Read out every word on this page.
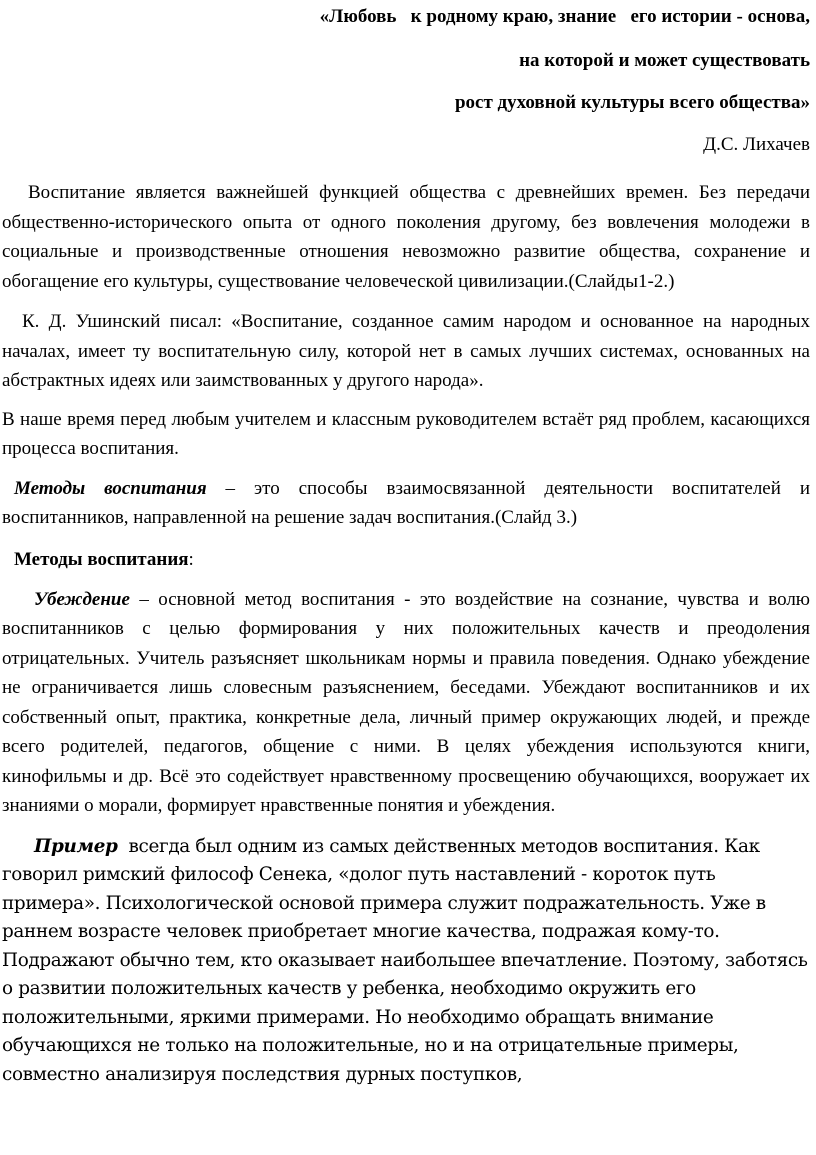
«Любовь   к родному краю, знание   его истории - основа,
на которой и может существовать
рост духовной культуры всего общества»
Д.С. Лихачев

Воспитание является важнейшей функцией общества с древнейших времен. Без передачи общественно-исторического опыта от одного поколения другому, без вовлечения молодежи в социальные и производственные отношения невозможно развитие общества, сохранение и обогащение его культуры, существование человеческой цивилизации.(Слайды1-2.)

К. Д. Ушинский писал: «Воспитание, созданное самим народом и основанное на народных началах, имеет ту воспитательную силу, которой нет в самых лучших системах, основанных на абстрактных идеях или заимствованных у другого народа».

В наше время перед любым учителем и классным руководителем встаёт ряд проблем, касающихся процесса воспитания.

Методы воспитания – это способы взаимосвязанной деятельности воспитателей и воспитанников, направленной на решение задач воспитания.(Слайд 3.)

Методы воспитания:

Убеждение – основной метод воспитания - это воздействие на сознание, чувства и волю воспитанников с целью формирования у них положительных качеств и преодоления отрицательных. Учитель разъясняет школьникам нормы и правила поведения. Однако убеждение не ограничивается лишь словесным разъяснением, беседами. Убеждают воспитанников и их собственный опыт, практика, конкретные дела, личный пример окружающих людей, и прежде всего родителей, педагогов, общение с ними. В целях убеждения используются книги, кинофильмы и др. Всё это содействует нравственному просвещению обучающихся, вооружает их знаниями о морали, формирует нравственные понятия и убеждения.

Пример  всегда был одним из самых действенных методов воспитания. Как говорил римский философ Сенека, «долог путь наставлений - короток путь примера». Психологической основой примера служит подражательность. Уже в раннем возрасте человек приобретает многие качества, подражая кому-то. Подражают обычно тем, кто оказывает наибольшее впечатление. Поэтому, заботясь о развитии положительных качеств у ребенка, необходимо окружить его положительными, яркими примерами. Но необходимо обращать внимание обучающихся не только на положительные, но и на отрицательные примеры, совместно анализируя последствия дурных поступков,
